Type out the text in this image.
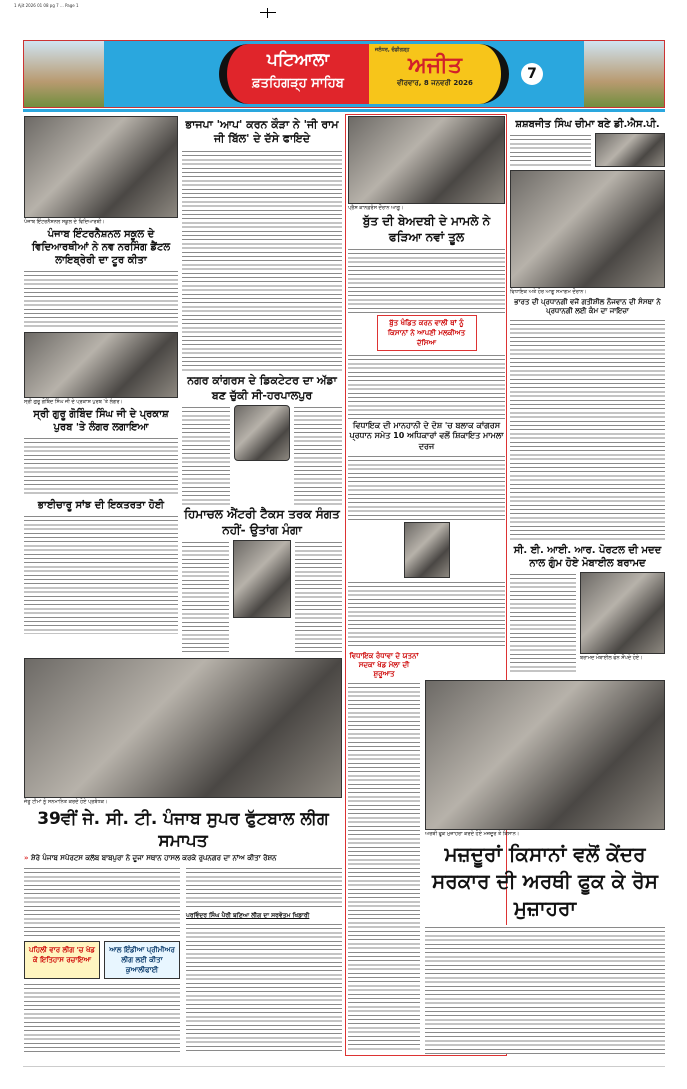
1 Ajit 2026 01 08 pg 7 ... Page 1
ਪਟਿਆਲਾ
ਫ਼ਤਹਿਗੜ੍ਹ ਸਾਹਿਬ
ਜਲੰਧਰ, ਚੰਡੀਗੜ੍ਹ
ਅਜੀਤ
ਵੀਰਵਾਰ, 8 ਜਨਵਰੀ 2026
7
ਪੰਜਾਬ ਇੰਟਰਨੈਸ਼ਨਲ ਸਕੂਲ ਦੇ ਵਿਦਿਆਰਥੀ।
ਪੰਜਾਬ ਇੰਟਰਨੈਸ਼ਨਲ ਸਕੂਲ ਦੇ ਵਿਦਿਆਰਥੀਆਂ ਨੇ ਨਵ ਨਰਸਿੰਗ ਡੈਂਟਲ ਲਾਇਬ੍ਰੇਰੀ ਦਾ ਟੂਰ ਕੀਤਾ
ਸ੍ਰੀ ਗੁਰੂ ਗੋਬਿੰਦ ਸਿੰਘ ਜੀ ਦੇ ਪ੍ਰਕਾਸ਼ ਪੁਰਬ 'ਤੇ ਲੰਗਰ।
ਸ੍ਰੀ ਗੁਰੂ ਗੋਬਿੰਦ ਸਿੰਘ ਜੀ ਦੇ ਪ੍ਰਕਾਸ਼ ਪੁਰਬ 'ਤੇ ਲੰਗਰ ਲਗਾਇਆ
ਭਾਈਚਾਰੂ ਸਾਂਝ ਦੀ ਇਕਤਰਤਾ ਹੋਈ
ਭਾਜਪਾ 'ਆਪ' ਕਰਨ ਕੌੜਾ ਨੇ 'ਜੀ ਰਾਮ ਜੀ ਬਿੱਲ' ਦੇ ਦੱਸੇ ਫਾਇਦੇ
ਨਗਰ ਕਾਂਗਰਸ ਦੇ ਡਿਕਟੇਟਰ ਦਾ ਅੱਡਾ ਬਣ ਚੁੱਕੀ ਸੀ-ਹਰਪਾਲਪੁਰ
ਹਿਮਾਚਲ ਐਂਟਰੀ ਟੈਕਸ ਤਰਕ ਸੰਗਤ ਨਹੀਂ- ਉਤਾਂਗ ਮੰਗਾ
ਪ੍ਰੈਸ ਕਾਨਫ਼ਰੰਸ ਦੌਰਾਨ ਆਗੂ।
ਬੁੱਤ ਦੀ ਬੇਅਦਬੀ ਦੇ ਮਾਮਲੇ ਨੇ ਫੜਿਆ ਨਵਾਂ ਤੂਲ
ਬੁੱਤ ਖੰਡਿਤ ਕਰਨ ਵਾਲੀ ਥਾਂ ਨੂੰ ਕਿਸਾਨਾਂ ਨੇ ਆਪਣੀ ਮਲਕੀਅਤ ਦੱਸਿਆ
ਵਿਧਾਇਕ ਦੀ ਮਾਨਹਾਨੀ ਦੇ ਦੋਸ਼ 'ਚ ਬਲਾਕ ਕਾਂਗਰਸ ਪ੍ਰਧਾਨ ਸਮੇਤ 10 ਅਧਿਕਾਰਾਂ ਵਲੋਂ ਸ਼ਿਕਾਇਤ ਮਾਮਲਾ ਦਰਜ
ਵਿਧਾਇਕ ਰੰਧਾਵਾ ਦੇ ਯਤਨਾਂ ਸਦਕਾ ਖੇਡ ਮੇਲਾ ਦੀ ਸ਼ੁਰੂਆਤ
ਸ਼ਸ਼ਬਜੀਤ ਸਿੰਘ ਚੀਮਾ ਬਣੇ ਡੀ.ਐਸ.ਪੀ.
ਵਿਧਾਇਕ ਅਤੇ ਹੋਰ ਆਗੂ ਸਮਾਗਮ ਦੌਰਾਨ।
ਭਾਰਤ ਦੀ ਪ੍ਰਧਾਨਗੀ ਵਜੋਂ ਗਤੀਸ਼ੀਲ ਨੌਜਵਾਨ ਦੀ ਸੰਸਥਾ ਨੇ ਪ੍ਰਧਾਨਗੀ ਲਈ ਕੰਮ ਦਾ ਜਾਇਜ਼ਾ
ਸੀ. ਈ. ਆਈ. ਆਰ. ਪੋਰਟਲ ਦੀ ਮਦਦ ਨਾਲ ਗੁੰਮ ਹੋਏ ਮੋਬਾਈਲ ਬਰਾਮਦ
ਬਰਾਮਦ ਮੋਬਾਈਲ ਫੋਨ ਸੌਂਪਦੇ ਹੋਏ।
ਜੇਤੂ ਟੀਮਾਂ ਨੂੰ ਸਨਮਾਨਿਤ ਕਰਦੇ ਹੋਏ ਪ੍ਰਬੰਧਕ।
39ਵੀਂ ਜੇ. ਸੀ. ਟੀ. ਪੰਜਾਬ ਸੁਪਰ ਫੁੱਟਬਾਲ ਲੀਗ ਸਮਾਪਤ
» ਸ਼ੇਰੇ ਪੰਜਾਬ ਸਪੋਰਟਸ ਕਲੱਬ ਬਾਬਪੁਰਾ ਨੇ ਦੂਜਾ ਸਥਾਨ ਹਾਸਲ ਕਰਕੇ ਰੁਪਨਗਰ ਦਾ ਨਾਂਅ ਕੀਤਾ ਰੋਸ਼ਨ
ਪਹਿਲੀ ਵਾਰ ਲੀਗ 'ਚ ਖੇਡ ਕੇ ਇਤਿਹਾਸ ਰਚਾਇਆ
ਆਲ ਇੰਡੀਆ ਪ੍ਰੀਮੀਅਰ ਲੀਗ ਲਈ ਕੀਤਾ ਕੁਆਲੀਫਾਈ
ਪਰਵਿੰਦਰ ਸਿੰਘ ਪੈਰੀ ਬਣਿਆ ਲੀਗ ਦਾ ਸਰਵੋਤਮ ਖਿਡਾਰੀ
ਅਰਥੀ ਫੂਕ ਮੁਜ਼ਾਹਰਾ ਕਰਦੇ ਹੋਏ ਮਜ਼ਦੂਰ ਤੇ ਕਿਸਾਨ।
ਮਜ਼ਦੂਰਾਂ ਕਿਸਾਨਾਂ ਵਲੋਂ ਕੇਂਦਰ ਸਰਕਾਰ ਦੀ ਅਰਥੀ ਫੂਕ ਕੇ ਰੋਸ ਮੁਜ਼ਾਹਰਾ
